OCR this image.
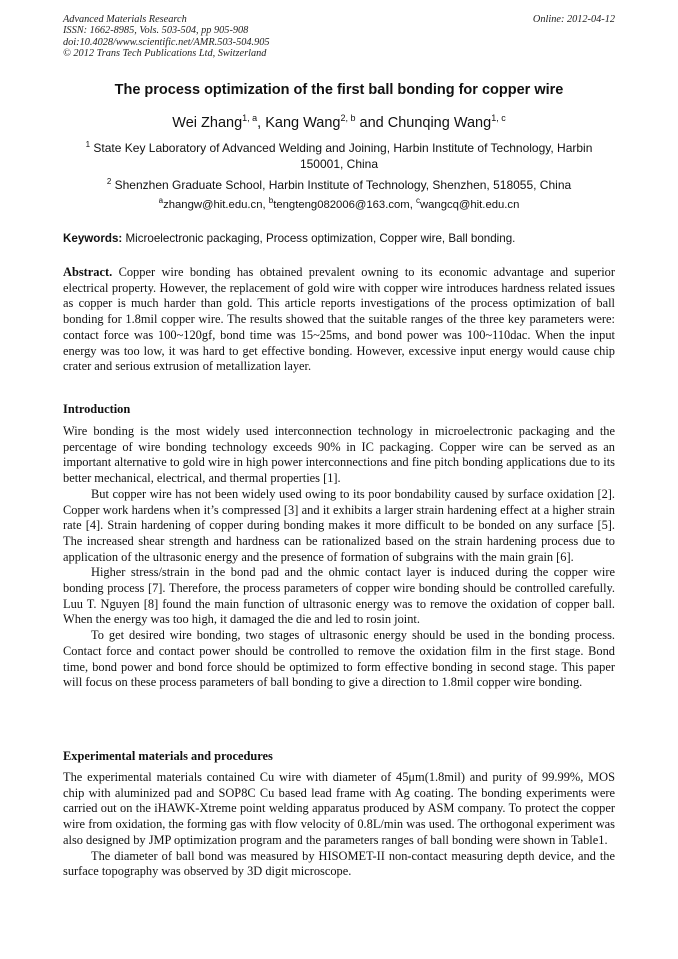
Advanced Materials Research
ISSN: 1662-8985, Vols. 503-504, pp 905-908
doi:10.4028/www.scientific.net/AMR.503-504.905
© 2012 Trans Tech Publications Ltd, Switzerland
Online: 2012-04-12
The process optimization of the first ball bonding for copper wire
Wei Zhang$^{1, a}$, Kang Wang$^{2, b}$ and Chunqing Wang$^{1, c}$
$^1$ State Key Laboratory of Advanced Welding and Joining, Harbin Institute of Technology, Harbin 150001, China
$^2$ Shenzhen Graduate School, Harbin Institute of Technology, Shenzhen, 518055, China
$^a$zhangw@hit.edu.cn, $^b$tengteng082006@163.com, $^c$wangcq@hit.edu.cn
Keywords: Microelectronic packaging, Process optimization, Copper wire, Ball bonding.

Abstract. Copper wire bonding has obtained prevalent owning to its economic advantage and superior electrical property. However, the replacement of gold wire with copper wire introduces hardness related issues as copper is much harder than gold. This article reports investigations of the process optimization of ball bonding for 1.8mil copper wire. The results showed that the suitable ranges of the three key parameters were: contact force was 100~120gf, bond time was 15~25ms, and bond power was 100~110dac. When the input energy was too low, it was hard to get effective bonding. However, excessive input energy would cause chip crater and serious extrusion of metallization layer.

Introduction

Wire bonding is the most widely used interconnection technology in microelectronic packaging and the percentage of wire bonding technology exceeds 90% in IC packaging. Copper wire can be served as an important alternative to gold wire in high power interconnections and fine pitch bonding applications due to its better mechanical, electrical, and thermal properties [1].

But copper wire has not been widely used owing to its poor bondability caused by surface oxidation [2]. Copper work hardens when it’s compressed [3] and it exhibits a larger strain hardening effect at a higher strain rate [4]. Strain hardening of copper during bonding makes it more difficult to be bonded on any surface [5]. The increased shear strength and hardness can be rationalized based on the strain hardening process due to application of the ultrasonic energy and the presence of formation of subgrains with the main grain [6].

Higher stress/strain in the bond pad and the ohmic contact layer is induced during the copper wire bonding process [7]. Therefore, the process parameters of copper wire bonding should be controlled carefully. Luu T. Nguyen [8] found the main function of ultrasonic energy was to remove the oxidation of copper ball. When the energy was too high, it damaged the die and led to rosin joint.

To get desired wire bonding, two stages of ultrasonic energy should be used in the bonding process. Contact force and contact power should be controlled to remove the oxidation film in the first stage. Bond time, bond power and bond force should be optimized to form effective bonding in second stage. This paper will focus on these process parameters of ball bonding to give a direction to 1.8mil copper wire bonding.

Experimental materials and procedures

The experimental materials contained Cu wire with diameter of 45μm(1.8mil) and purity of 99.99%, MOS chip with aluminized pad and SOP8C Cu based lead frame with Ag coating. The bonding experiments were carried out on the iHAWK-Xtreme point welding apparatus produced by ASM company. To protect the copper wire from oxidation, the forming gas with flow velocity of 0.8L/min was used. The orthogonal experiment was also designed by JMP optimization program and the parameters ranges of ball bonding were shown in Table1.

The diameter of ball bond was measured by HISOMET-II non-contact measuring depth device, and the surface topography was observed by 3D digit microscope.
